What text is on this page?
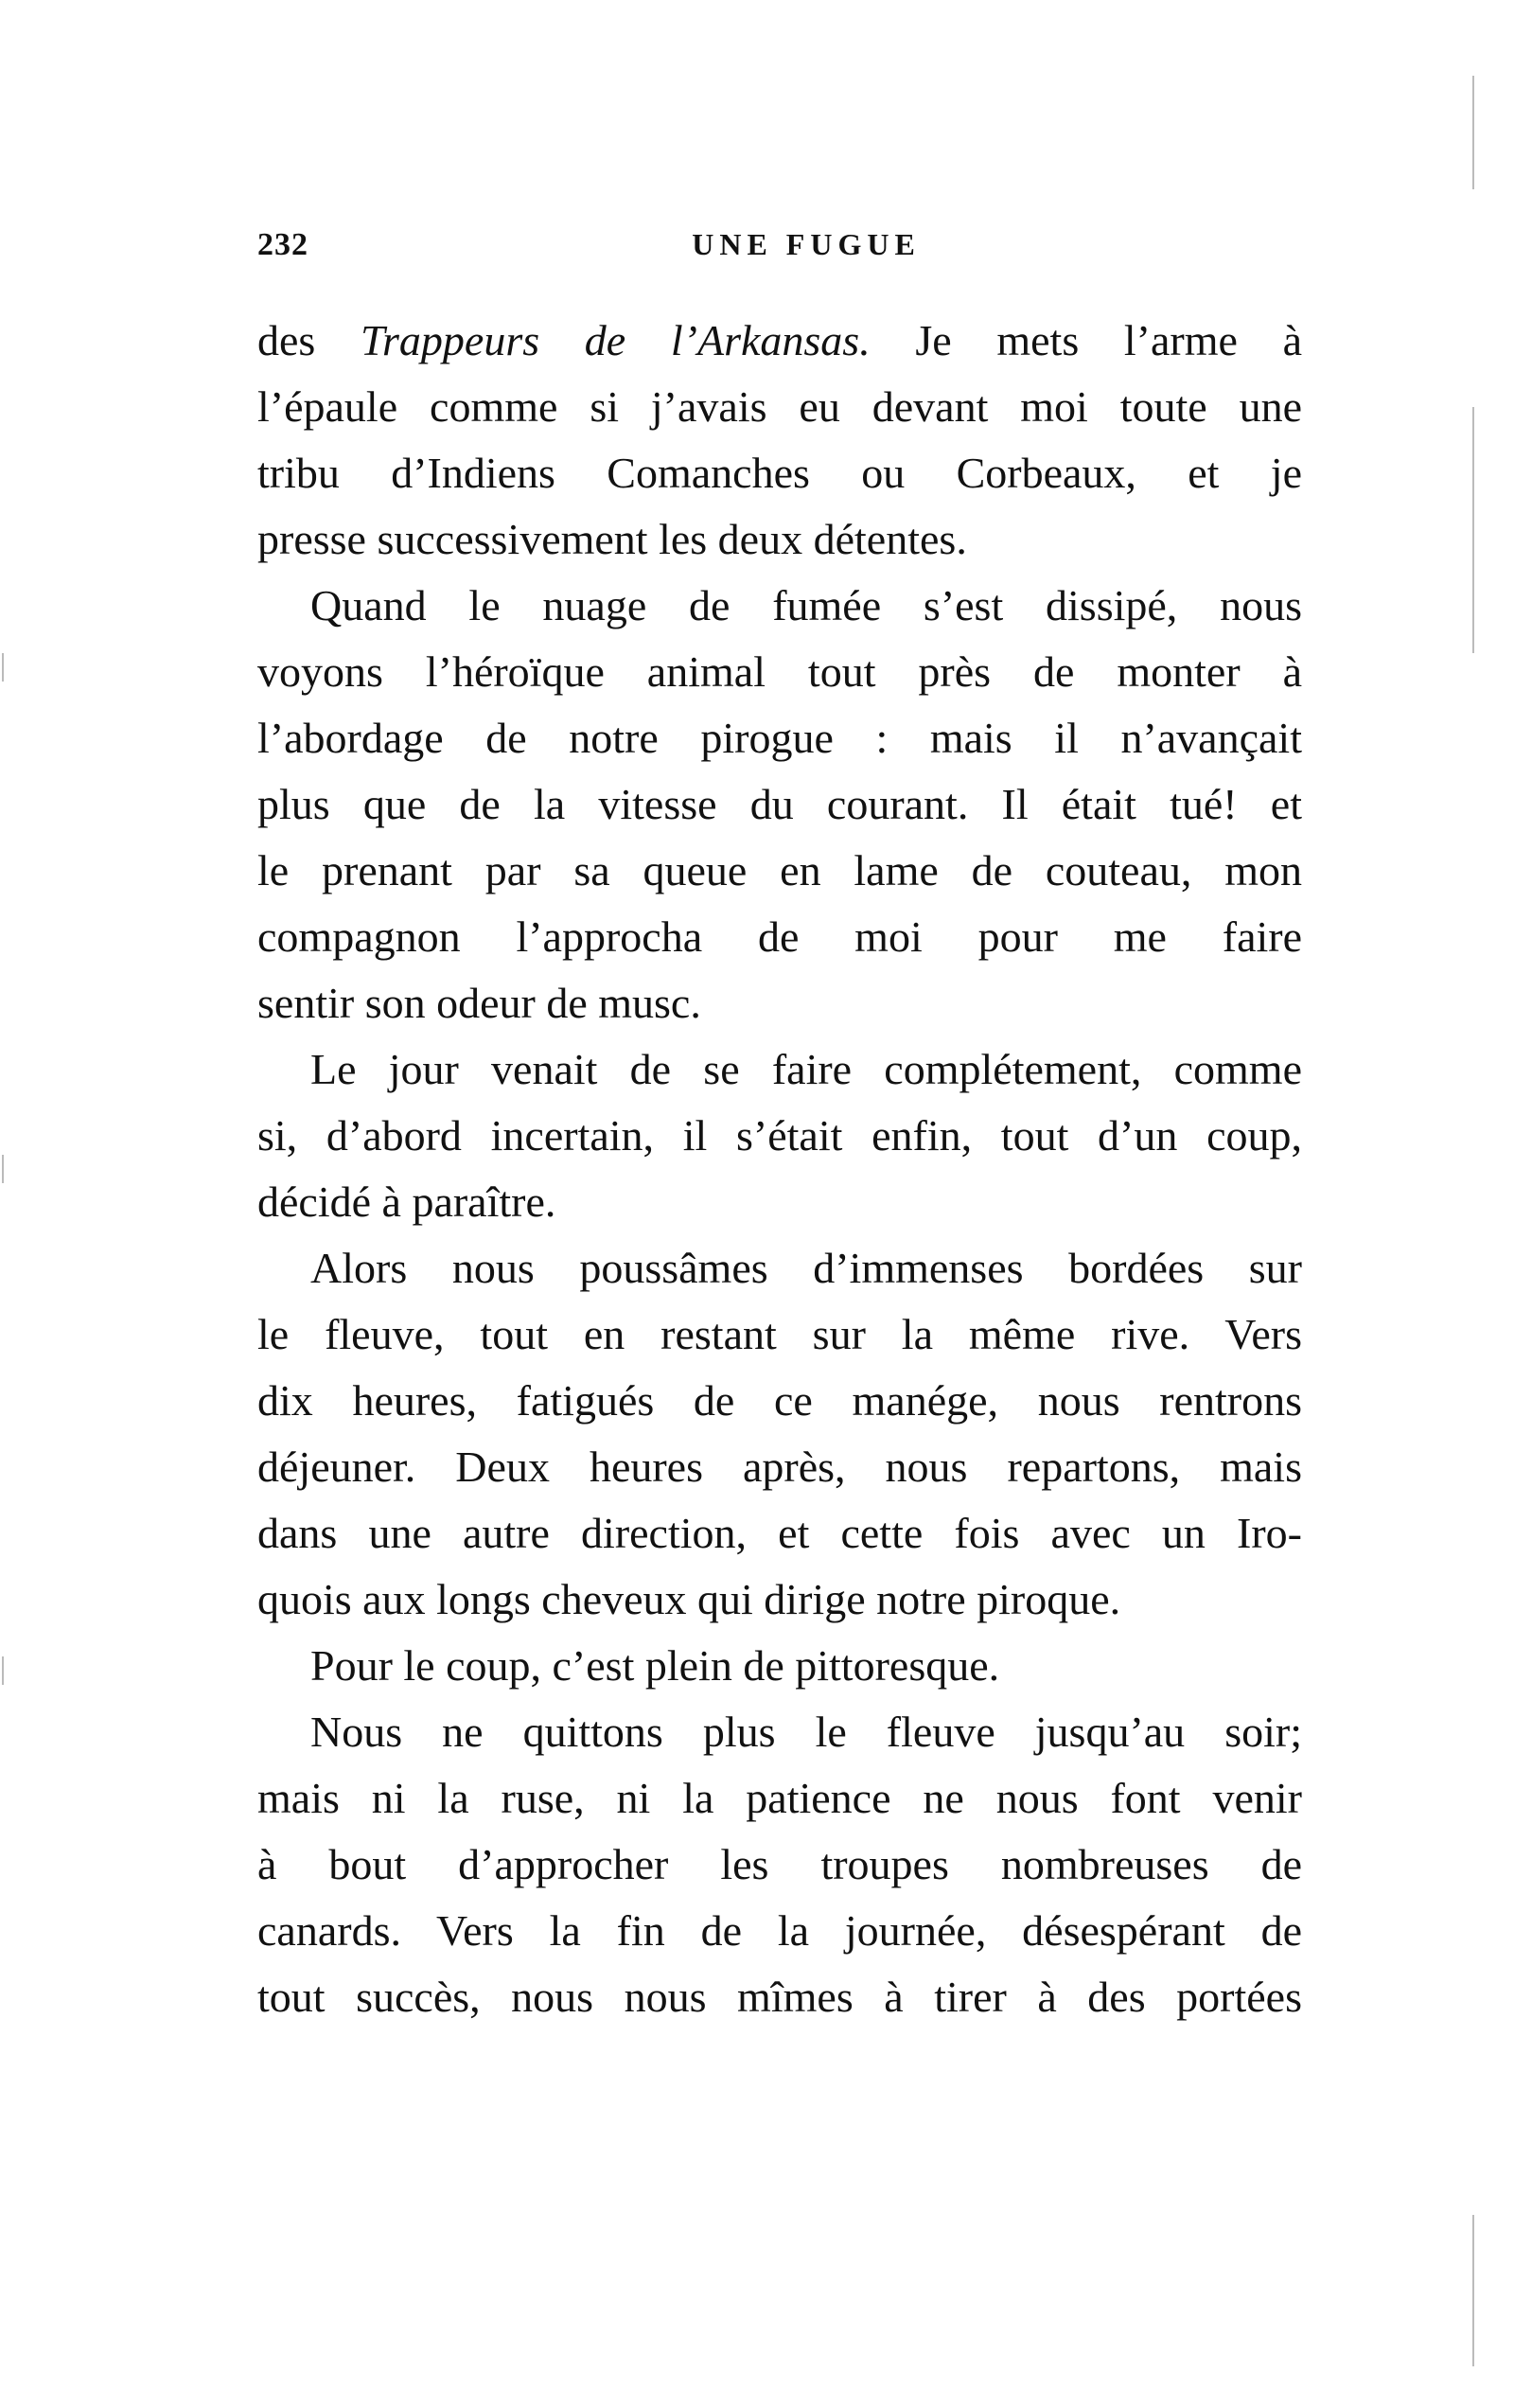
232	UNE FUGUE
des Trappeurs de l’Arkansas. Je mets l’arme à
l’épaule comme si j’avais eu devant moi toute une
tribu d’Indiens Comanches ou Corbeaux, et je
presse successivement les deux détentes.
Quand le nuage de fumée s’est dissipé, nous
voyons l’héroïque animal tout près de monter à
l’abordage de notre pirogue : mais il n’avançait
plus que de la vitesse du courant. Il était tué! et
le prenant par sa queue en lame de couteau, mon
compagnon l’approcha de moi pour me faire
sentir son odeur de musc.
Le jour venait de se faire complétement, comme
si, d’abord incertain, il s’était enfin, tout d’un coup,
décidé à paraître.
Alors nous poussâmes d’immenses bordées sur
le fleuve, tout en restant sur la même rive. Vers
dix heures, fatigués de ce manége, nous rentrons
déjeuner. Deux heures après, nous repartons, mais
dans une autre direction, et cette fois avec un Iro-
quois aux longs cheveux qui dirige notre piroque.
Pour le coup, c’est plein de pittoresque.
Nous ne quittons plus le fleuve jusqu’au soir;
mais ni la ruse, ni la patience ne nous font venir
à bout d’approcher les troupes nombreuses de
canards. Vers la fin de la journée, désespérant de
tout succès, nous nous mîmes à tirer à des portées
